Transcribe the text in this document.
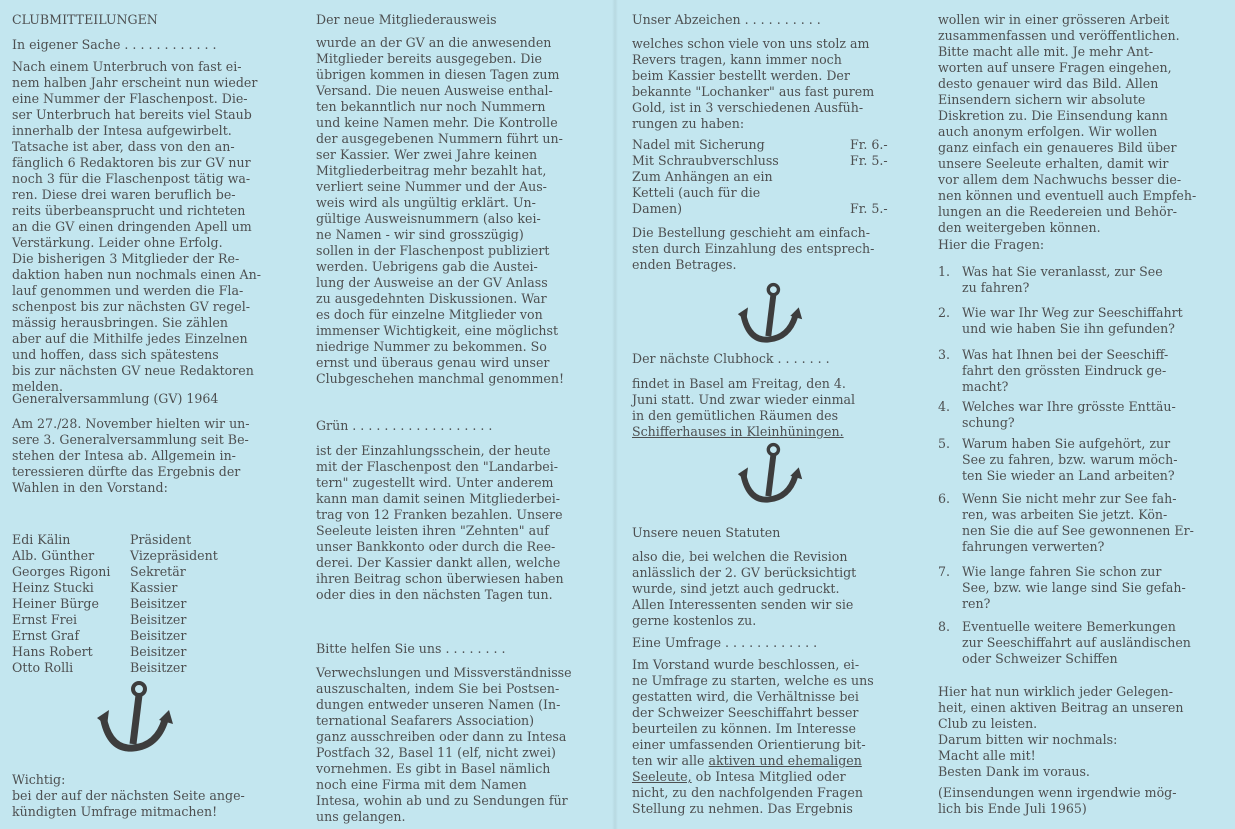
CLUBMITTEILUNGEN
In eigener Sache . . . . . . . . . . . .
Nach einem Unterbruch von fast ei-
nem halben Jahr erscheint nun wieder
eine Nummer der Flaschenpost. Die-
ser Unterbruch hat bereits viel Staub
innerhalb der Intesa aufgewirbelt.
Tatsache ist aber, dass von den an-
fänglich 6 Redaktoren bis zur GV nur
noch 3 für die Flaschenpost tätig wa-
ren. Diese drei waren beruflich be-
reits überbeansprucht und richteten
an die GV einen dringenden Apell um
Verstärkung. Leider ohne Erfolg.
Die bisherigen 3 Mitglieder der Re-
daktion haben nun nochmals einen An-
lauf genommen und werden die Fla-
schenpost bis zur nächsten GV regel-
mässig herausbringen. Sie zählen
aber auf die Mithilfe jedes Einzelnen
und hoffen, dass sich spätestens
bis zur nächsten GV neue Redaktoren
melden.
Generalversammlung (GV) 1964
Am 27./28. November hielten wir un-
sere 3. Generalversammlung seit Be-
stehen der Intesa ab. Allgemein in-
teressieren dürfte das Ergebnis der
Wahlen in den Vorstand:
Edi Kälin	Präsident
Alb. Günther	Vizepräsident
Georges Rigoni Sekretär
Heinz Stucki	Kassier
Heiner Bürge Beisitzer
Ernst Frei	Beisitzer
Ernst Graf	Beisitzer
Hans Robert	Beisitzer
Otto Rolli	Beisitzer
Wichtig:
bei der auf der nächsten Seite ange-
kündigten Umfrage mitmachen!
Der neue Mitgliederausweis
wurde an der GV an die anwesenden
Mitglieder bereits ausgegeben. Die
übrigen kommen in diesen Tagen zum
Versand. Die neuen Ausweise enthal-
ten bekanntlich nur noch Nummern
und keine Namen mehr. Die Kontrolle
der ausgegebenen Nummern führt un-
ser Kassier. Wer zwei Jahre keinen
Mitgliederbeitrag mehr bezahlt hat,
verliert seine Nummer und der Aus-
weis wird als ungültig erklärt. Un-
gültige Ausweisnummern (also kei-
ne Namen - wir sind grosszügig)
sollen in der Flaschenpost publiziert
werden. Uebrigens gab die Austei-
lung der Ausweise an der GV Anlass
zu ausgedehnten Diskussionen. War
es doch für einzelne Mitglieder von
immenser Wichtigkeit, eine möglichst
niedrige Nummer zu bekommen. So
ernst und überaus genau wird unser
Clubgeschehen manchmal genommen!
Grün . . . . . . . . . . . . . . . . . .
ist der Einzahlungsschein, der heute
mit der Flaschenpost den "Landarbei-
tern" zugestellt wird. Unter anderem
kann man damit seinen Mitgliederbei-
trag von 12 Franken bezahlen. Unsere
Seeleute leisten ihren "Zehnten" auf
unser Bankkonto oder durch die Ree-
derei. Der Kassier dankt allen, welche
ihren Beitrag schon überwiesen haben
oder dies in den nächsten Tagen tun.
Bitte helfen Sie uns . . . . . . . .
Verwechslungen und Missverständnisse
auszuschalten, indem Sie bei Postsen-
dungen entweder unseren Namen (In-
ternational Seafarers Association)
ganz ausschreiben oder dann zu Intesa
Postfach 32, Basel 11 (elf, nicht zwei)
vornehmen. Es gibt in Basel nämlich
noch eine Firma mit dem Namen
Intesa, wohin ab und zu Sendungen für
uns gelangen.
Unser Abzeichen . . . . . . . . . .
welches schon viele von uns stolz am
Revers tragen, kann immer noch
beim Kassier bestellt werden. Der
bekannte "Lochanker" aus fast purem
Gold, ist in 3 verschiedenen Ausfüh-
rungen zu haben:
Nadel mit Sicherung	Fr. 6.-
Mit Schraubverschluss	Fr. 5.-
Zum Anhängen an ein
Ketteli (auch für die
Damen)	Fr. 5.-
Die Bestellung geschieht am einfach-
sten durch Einzahlung des entsprech-
enden Betrages.
Der nächste Clubhock . . . . . . .
findet in Basel am Freitag, den 4.
Juni statt. Und zwar wieder einmal
in den gemütlichen Räumen des
Schifferhauses in Kleinhüningen.
Unsere neuen Statuten
also die, bei welchen die Revision
anlässlich der 2. GV berücksichtigt
wurde, sind jetzt auch gedruckt.
Allen Interessenten senden wir sie
gerne kostenlos zu.
Eine Umfrage . . . . . . . . . . . .
Im Vorstand wurde beschlossen, ei-
ne Umfrage zu starten, welche es uns
gestatten wird, die Verhältnisse bei
der Schweizer Seeschiffahrt besser
beurteilen zu können. Im Interesse
einer umfassenden Orientierung bit-
ten wir alle aktiven und ehemaligen
Seeleute, ob Intesa Mitglied oder
nicht, zu den nachfolgenden Fragen
Stellung zu nehmen. Das Ergebnis
wollen wir in einer grösseren Arbeit
zusammenfassen und veröffentlichen.
Bitte macht alle mit. Je mehr Ant-
worten auf unsere Fragen eingehen,
desto genauer wird das Bild. Allen
Einsendern sichern wir absolute
Diskretion zu. Die Einsendung kann
auch anonym erfolgen. Wir wollen
ganz einfach ein genaueres Bild über
unsere Seeleute erhalten, damit wir
vor allem dem Nachwuchs besser die-
nen können und eventuell auch Empfeh-
lungen an die Reedereien und Behör-
den weitergeben können.
Hier die Fragen:
1. Was hat Sie veranlasst, zur See
zu fahren?
2. Wie war Ihr Weg zur Seeschiffahrt
und wie haben Sie ihn gefunden?
3. Was hat Ihnen bei der Seeschiff-
fahrt den grössten Eindruck ge-
macht?
4. Welches war Ihre grösste Enttäu-
schung?
5. Warum haben Sie aufgehört, zur
See zu fahren, bzw. warum möch-
ten Sie wieder an Land arbeiten?
6. Wenn Sie nicht mehr zur See fah-
ren, was arbeiten Sie jetzt. Kön-
nen Sie die auf See gewonnenen Er-
fahrungen verwerten?
7. Wie lange fahren Sie schon zur
See, bzw. wie lange sind Sie gefah-
ren?
8. Eventuelle weitere Bemerkungen
zur Seeschiffahrt auf ausländischen
oder Schweizer Schiffen
Hier hat nun wirklich jeder Gelegen-
heit, einen aktiven Beitrag an unseren
Club zu leisten.
Darum bitten wir nochmals:
Macht alle mit!
Besten Dank im voraus.
(Einsendungen wenn irgendwie mög-
lich bis Ende Juli 1965)
